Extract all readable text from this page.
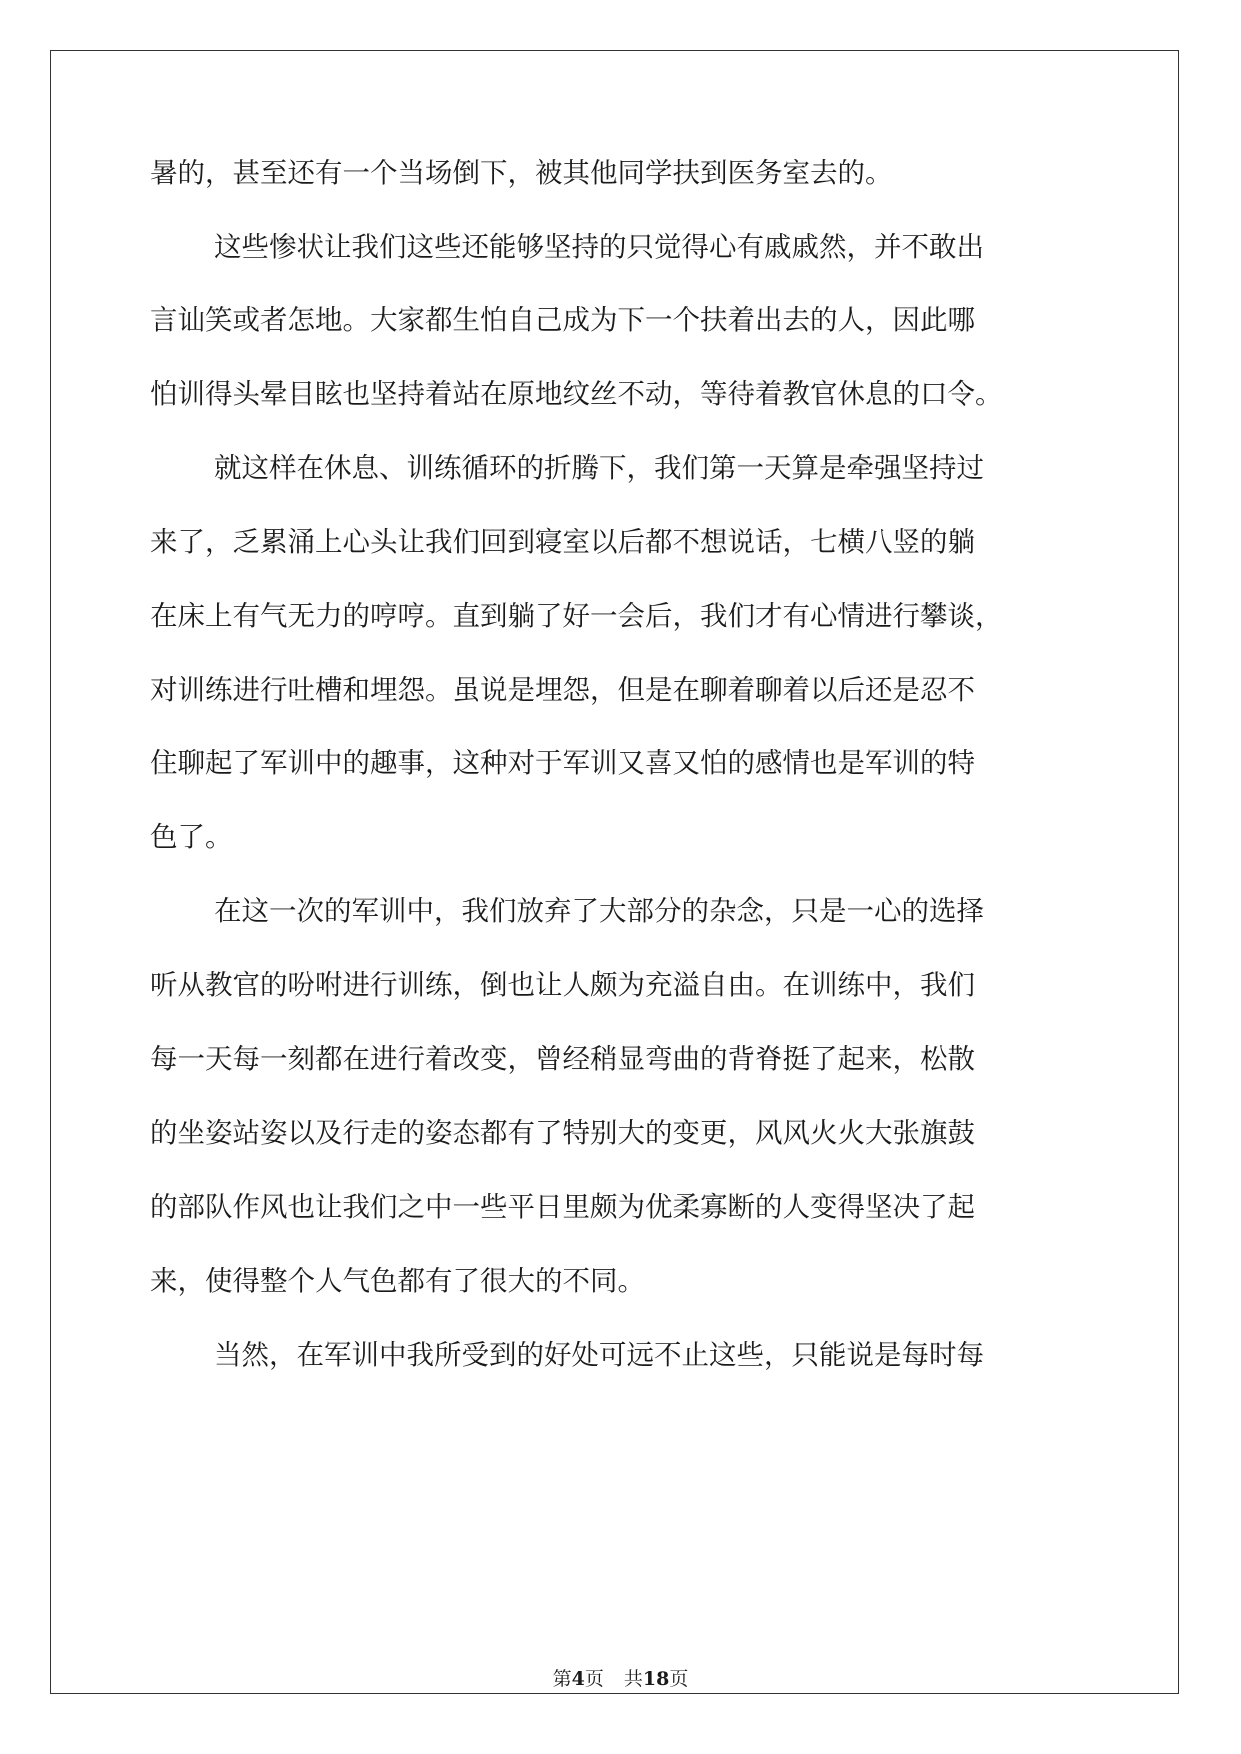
暑的，甚至还有一个当场倒下，被其他同学扶到医务室去的。
这些惨状让我们这些还能够坚持的只觉得心有戚戚然，并不敢出
言讪笑或者怎地。大家都生怕自己成为下一个扶着出去的人，因此哪
怕训得头晕目眩也坚持着站在原地纹丝不动，等待着教官休息的口令。
就这样在休息、训练循环的折腾下，我们第一天算是牵强坚持过
来了，乏累涌上心头让我们回到寝室以后都不想说话，七横八竖的躺
在床上有气无力的哼哼。直到躺了好一会后，我们才有心情进行攀谈，
对训练进行吐槽和埋怨。虽说是埋怨，但是在聊着聊着以后还是忍不
住聊起了军训中的趣事，这种对于军训又喜又怕的感情也是军训的特
色了。
在这一次的军训中，我们放弃了大部分的杂念，只是一心的选择
听从教官的吩咐进行训练，倒也让人颇为充溢自由。在训练中，我们
每一天每一刻都在进行着改变，曾经稍显弯曲的背脊挺了起来，松散
的坐姿站姿以及行走的姿态都有了特别大的变更，风风火火大张旗鼓
的部队作风也让我们之中一些平日里颇为优柔寡断的人变得坚决了起
来，使得整个人气色都有了很大的不同。
当然，在军训中我所受到的好处可远不止这些，只能说是每时每
第4页 共18页
